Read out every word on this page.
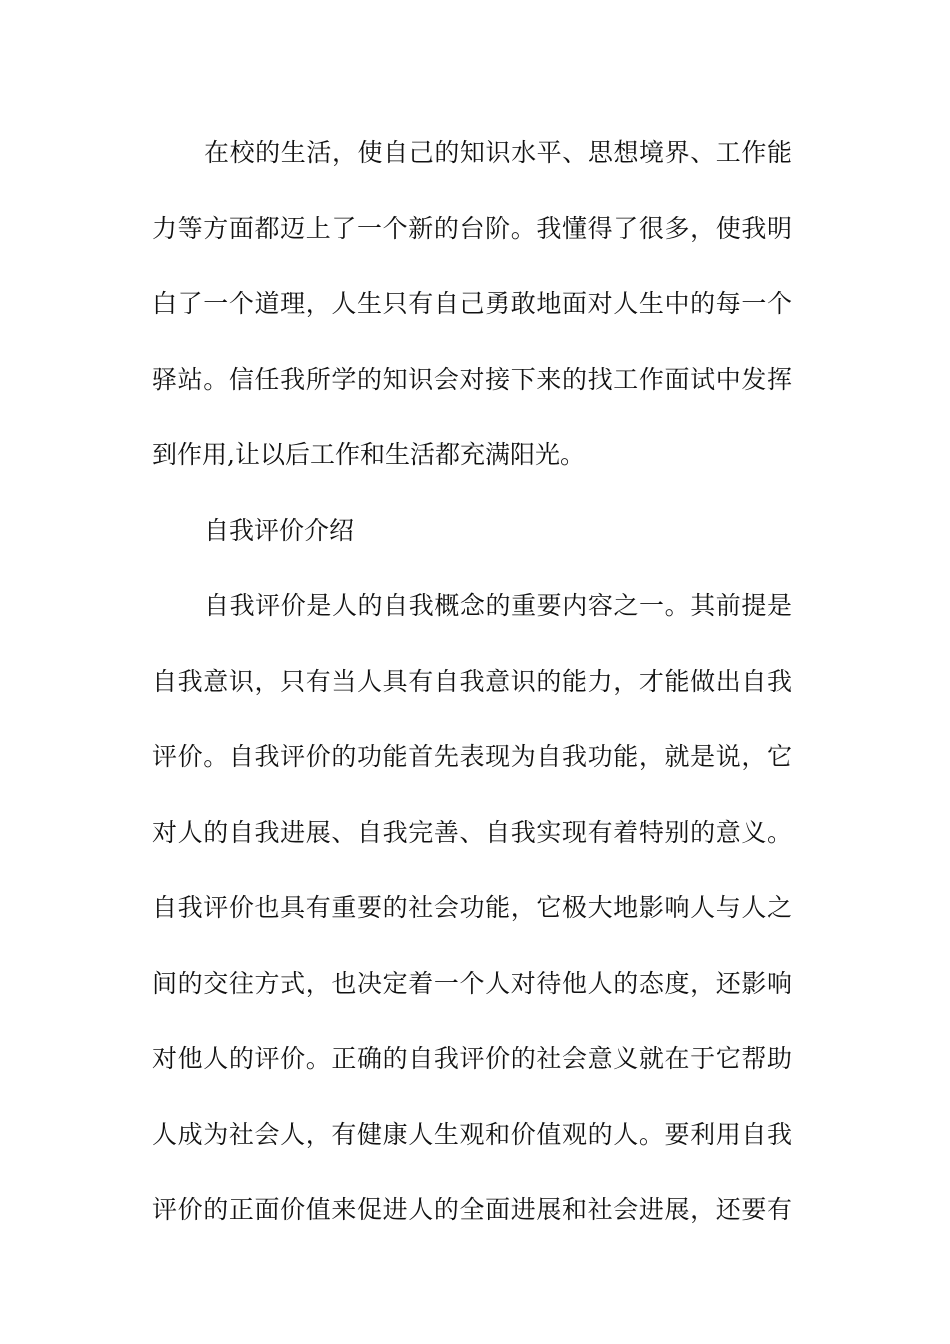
在校的生活，使自己的知识水平、思想境界、工作能
力等方面都迈上了一个新的台阶。我懂得了很多，使我明
白了一个道理，人生只有自己勇敢地面对人生中的每一个
驿站。信任我所学的知识会对接下来的找工作面试中发挥
到作用,让以后工作和生活都充满阳光。
自我评价介绍
自我评价是人的自我概念的重要内容之一。其前提是
自我意识，只有当人具有自我意识的能力，才能做出自我
评价。自我评价的功能首先表现为自我功能，就是说，它
对人的自我进展、自我完善、自我实现有着特别的意义。
自我评价也具有重要的社会功能，它极大地影响人与人之
间的交往方式，也决定着一个人对待他人的态度，还影响
对他人的评价。正确的自我评价的社会意义就在于它帮助
人成为社会人，有健康人生观和价值观的人。要利用自我
评价的正面价值来促进人的全面进展和社会进展，还要有
